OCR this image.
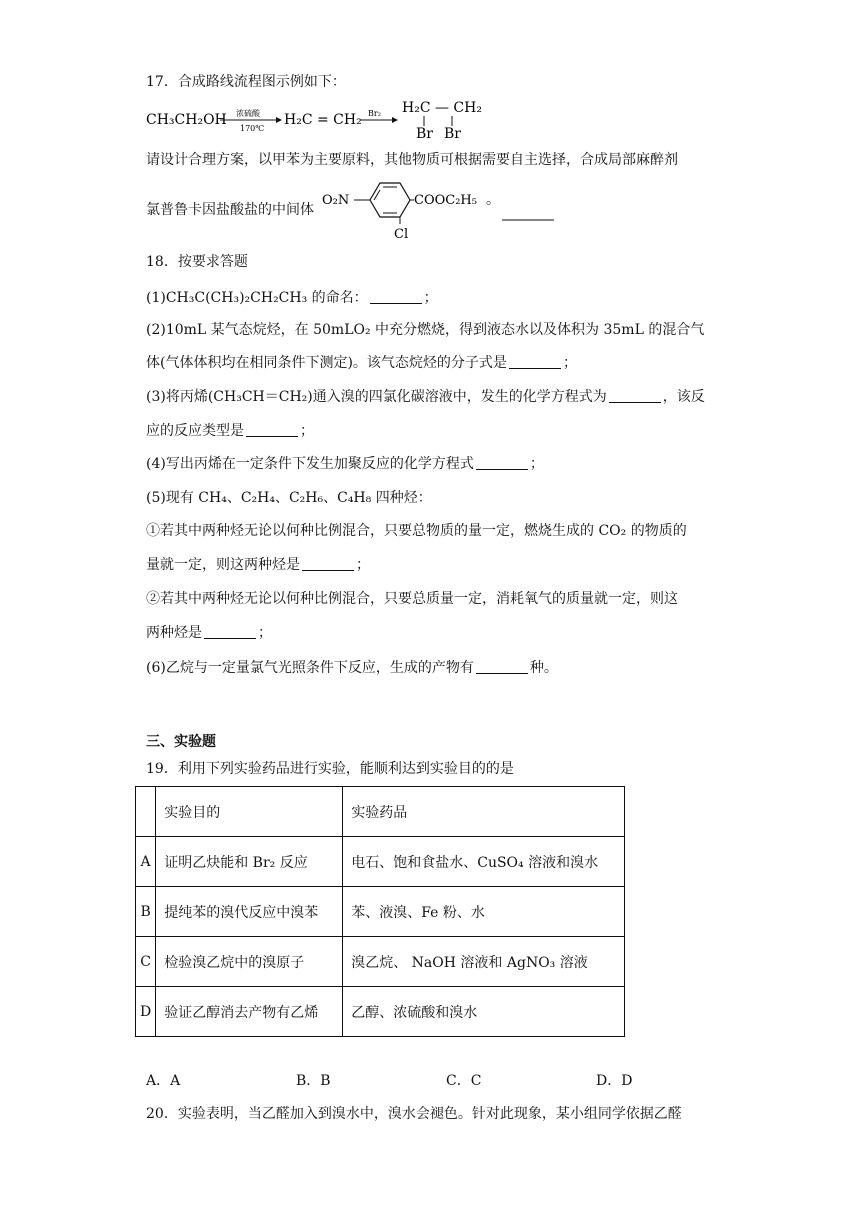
17．合成路线流程图示例如下：
CH₃CH₂OH 浓硫酸
170℃
H₂C = CH₂ Br₂ H₂C — CH₂
Br Br
请设计合理方案，以甲苯为主要原料，其他物质可根据需要自主选择，合成局部麻醉剂
氯普鲁卡因盐酸盐的中间体
O₂N	COOC₂H₅
Cl
。
18．按要求答题
(1)CH₃C(CH₃)₂CH₂CH₃ 的命名：	；
(2)10mL 某气态烷烃，在 50mLO₂ 中充分燃烧，得到液态水以及体积为 35mL 的混合气
体(气体体积均在相同条件下测定)。该气态烷烃的分子式是	；
(3)将丙烯(CH₃CH＝CH₂)通入溴的四氯化碳溶液中，发生的化学方程式为	，该反
应的反应类型是	；
(4)写出丙烯在一定条件下发生加聚反应的化学方程式	；
(5)现有 CH₄、C₂H₄、C₂H₆、C₄H₈ 四种烃：
①若其中两种烃无论以何种比例混合，只要总物质的量一定，燃烧生成的 CO₂ 的物质的
量就一定，则这两种烃是	；
②若其中两种烃无论以何种比例混合，只要总质量一定，消耗氧气的质量就一定，则这
两种烃是	；
(6)乙烷与一定量氯气光照条件下反应，生成的产物有	种。
三、实验题
19．利用下列实验药品进行实验，能顺利达到实验目的的是
	实验目的	实验药品
A	证明乙炔能和 Br₂ 反应	电石、饱和食盐水、CuSO₄ 溶液和溴水
B	提纯苯的溴代反应中溴苯	苯、液溴、Fe 粉、水
C	检验溴乙烷中的溴原子	溴乙烷、 NaOH 溶液和 AgNO₃ 溶液
D	验证乙醇消去产物有乙烯	乙醇、浓硫酸和溴水
A．A	B．B	C．C	D．D
20．实验表明，当乙醛加入到溴水中，溴水会褪色。针对此现象，某小组同学依据乙醛
